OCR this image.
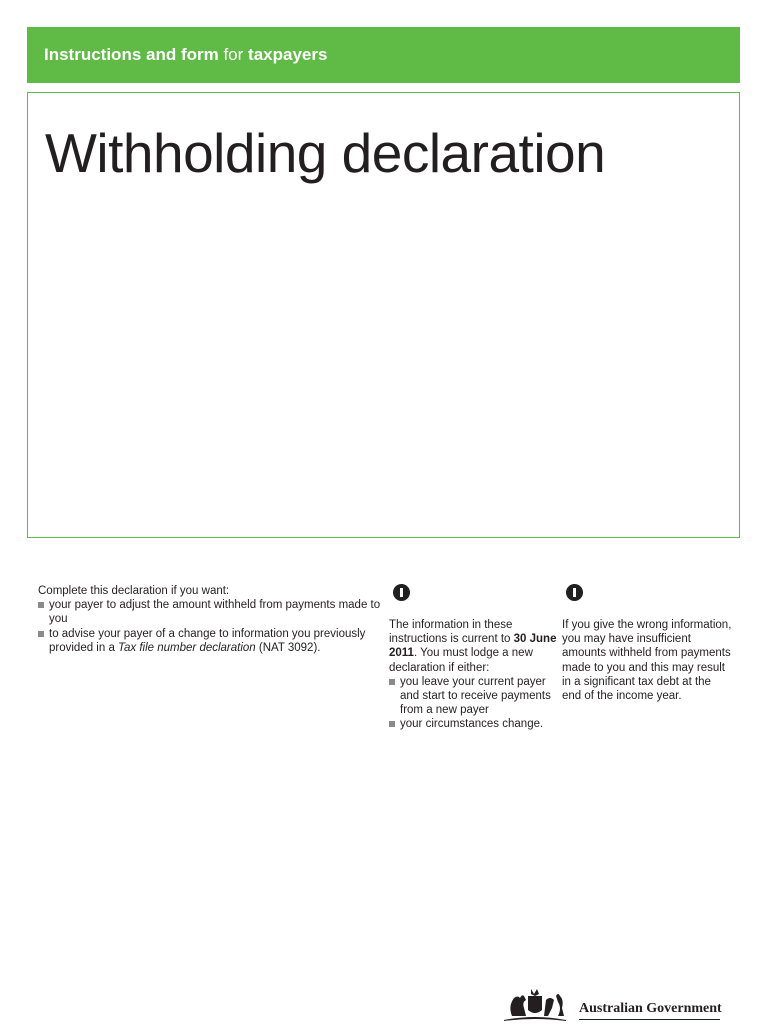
Instructions and form for taxpayers
Withholding declaration
Complete this declaration if you want:
your payer to adjust the amount withheld from payments made to you
to advise your payer of a change to information you previously provided in a Tax file number declaration (NAT 3092).
The information in these instructions is current to 30 June 2011. You must lodge a new declaration if either:
you leave your current payer and start to receive payments from a new payer
your circumstances change.
If you give the wrong information, you may have insufficient amounts withheld from payments made to you and this may result in a significant tax debt at the end of the income year.
Australian Government
